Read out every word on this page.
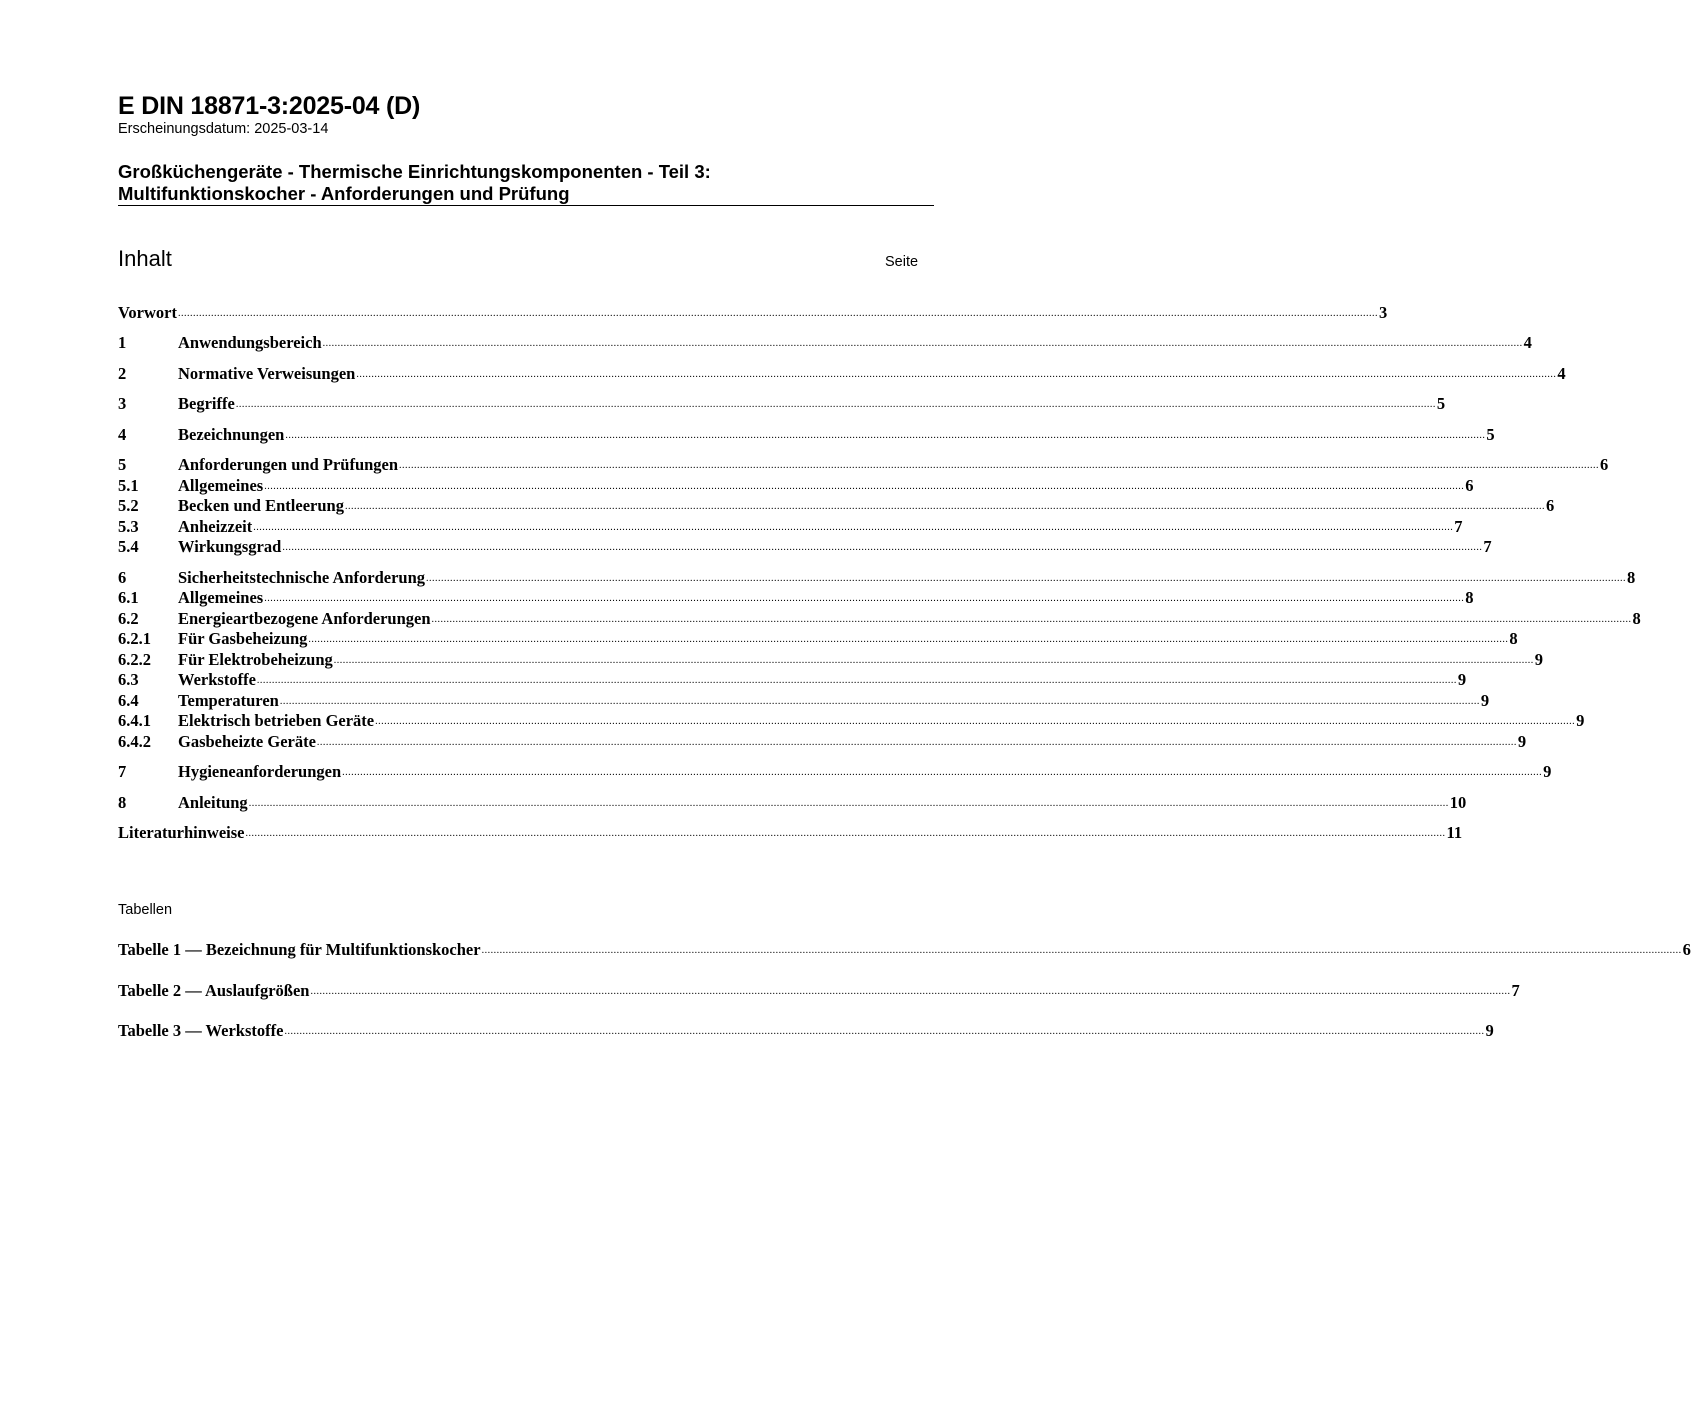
E DIN 18871-3:2025-04 (D)
Erscheinungsdatum: 2025-03-14
Großküchengeräte - Thermische Einrichtungskomponenten - Teil 3:
Multifunktionskocher - Anforderungen und Prüfung
Inhalt	Seite
Vorwort ................................................................................................................................................................................................................................................................................................................................................................................................................ 3
1	Anwendungsbereich ................................................................................................................................................................................................................................................................................................................................................................................................................ 4
2	Normative Verweisungen ................................................................................................................................................................................................................................................................................................................................................................................................................ 4
3	Begriffe ................................................................................................................................................................................................................................................................................................................................................................................................................ 5
4	Bezeichnungen ................................................................................................................................................................................................................................................................................................................................................................................................................ 5
5	Anforderungen und Prüfungen ................................................................................................................................................................................................................................................................................................................................................................................................................ 6
5.1	Allgemeines ................................................................................................................................................................................................................................................................................................................................................................................................................ 6
5.2	Becken und Entleerung ................................................................................................................................................................................................................................................................................................................................................................................................................ 6
5.3	Anheizzeit ................................................................................................................................................................................................................................................................................................................................................................................................................ 7
5.4	Wirkungsgrad ................................................................................................................................................................................................................................................................................................................................................................................................................ 7
6	Sicherheitstechnische Anforderung ................................................................................................................................................................................................................................................................................................................................................................................................................ 8
6.1	Allgemeines ................................................................................................................................................................................................................................................................................................................................................................................................................ 8
6.2	Energieartbezogene Anforderungen ................................................................................................................................................................................................................................................................................................................................................................................................................ 8
6.2.1	Für Gasbeheizung ................................................................................................................................................................................................................................................................................................................................................................................................................ 8
6.2.2	Für Elektrobeheizung ................................................................................................................................................................................................................................................................................................................................................................................................................ 9
6.3	Werkstoffe ................................................................................................................................................................................................................................................................................................................................................................................................................ 9
6.4	Temperaturen ................................................................................................................................................................................................................................................................................................................................................................................................................ 9
6.4.1	Elektrisch betrieben Geräte ................................................................................................................................................................................................................................................................................................................................................................................................................ 9
6.4.2	Gasbeheizte Geräte ................................................................................................................................................................................................................................................................................................................................................................................................................ 9
7	Hygieneanforderungen ................................................................................................................................................................................................................................................................................................................................................................................................................ 9
8	Anleitung ................................................................................................................................................................................................................................................................................................................................................................................................................ 10
Literaturhinweise ................................................................................................................................................................................................................................................................................................................................................................................................................ 11
Tabellen
Tabelle 1 — Bezeichnung für Multifunktionskocher ................................................................................................................................................................................................................................................................................................................................................................................................................ 6
Tabelle 2 — Auslaufgrößen ................................................................................................................................................................................................................................................................................................................................................................................................................ 7
Tabelle 3 — Werkstoffe ................................................................................................................................................................................................................................................................................................................................................................................................................ 9
